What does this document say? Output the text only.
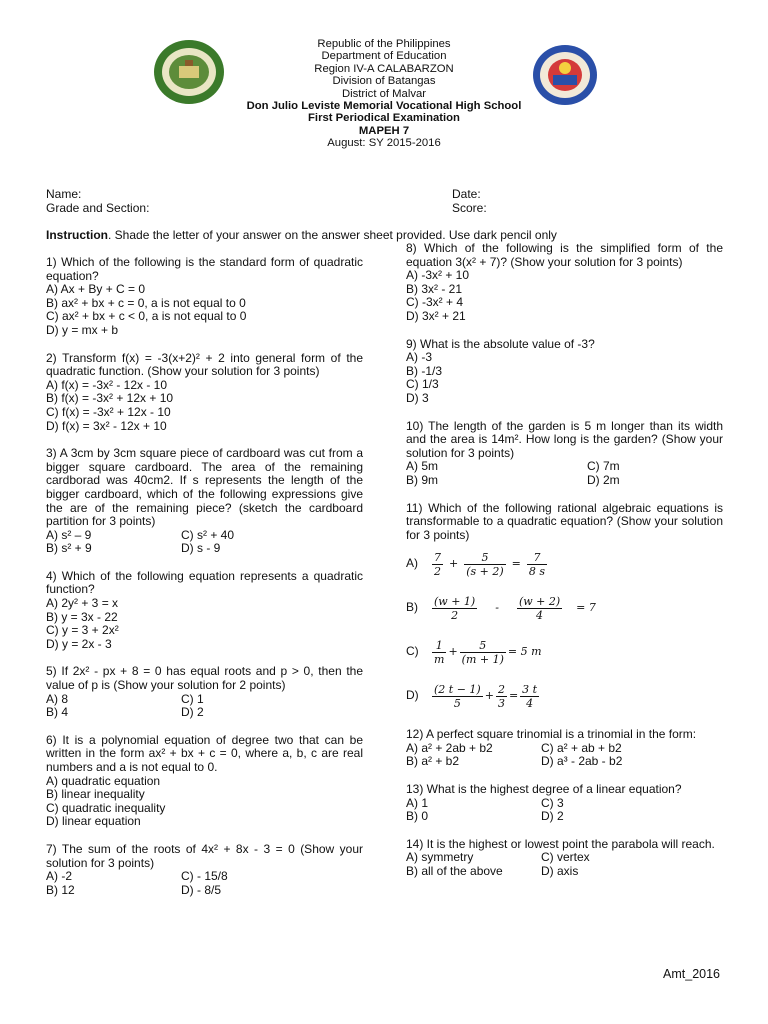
Republic of the Philippines
Department of Education
Region IV-A CALABARZON
Division of Batangas
District of Malvar
Don Julio Leviste Memorial Vocational High School
First Periodical Examination
MAPEH 7
August: SY 2015-2016
Name:
Grade and Section:
Date:
Score:
Instruction. Shade the letter of your answer on the answer sheet provided. Use dark pencil only
1) Which of the following is the standard form of quadratic equation?
A) Ax + By + C = 0
B) ax² + bx + c = 0, a is not equal to 0
C) ax² + bx + c < 0, a is not equal to 0
D) y = mx + b
2) Transform f(x) = -3(x+2)² + 2 into general form of the quadratic function. (Show your solution for 3 points)
A) f(x) = -3x² - 12x - 10
B) f(x) = -3x² + 12x + 10
C) f(x) = -3x² + 12x - 10
D) f(x) = 3x² - 12x + 10
3) A 3cm by 3cm square piece of cardboard was cut from a bigger square cardboard. The area of the remaining cardborad was 40cm2. If s represents the length of the bigger cardboard, which of the following expressions give the are of the remaining piece? (sketch the cardboard partition for 3 points)
A) s² – 9	C) s² + 40
B) s² + 9	D) s - 9
4) Which of the following equation represents a quadratic function?
A) 2y² + 3 = x
B) y = 3x - 22
C) y = 3 + 2x²
D) y = 2x - 3
5) If 2x² - px + 8 = 0 has equal roots and p > 0, then the value of p is (Show your solution for 2 points)
A) 8	C) 1
B) 4	D) 2
6) It is a polynomial equation of degree two that can be written in the form ax² + bx + c = 0, where a, b, c are real numbers and a is not equal to 0.
A) quadratic equation
B) linear inequality
C) quadratic inequality
D) linear equation
7) The sum of the roots of 4x² + 8x - 3 = 0 (Show your solution for 3 points)
A) -2	C) - 15/8
B) 12	D) - 8/5
8) Which of the following is the simplified form of the equation 3(x² + 7)? (Show your solution for 3 points)
A) -3x² + 10
B) 3x² - 21
C) -3x² + 4
D) 3x² + 21
9) What is the absolute value of -3?
A) -3
B) -1/3
C) 1/3
D) 3
10) The length of the garden is 5 m longer than its width and the area is 14m². How long is the garden? (Show your solution for 3 points)
A) 5m	C) 7m
B) 9m	D) 2m
11) Which of the following rational algebraic equations is transformable to a quadratic equation? (Show your solution for 3 points)
A)	$\frac{7}{2} + \frac{5}{(s + 2)} = \frac{7}{8 s}$
B)	$\frac{(w + 1)}{2} - \frac{(w + 2)}{4} = 7$
C)	$\frac{1}{m} + \frac{5}{(m + 1)} = 5$ m
D)	$\frac{(2 t - 1)}{5} + \frac{2}{3} = \frac{3 t}{4}$
12) A perfect square trinomial is a trinomial in the form:
A) a² + 2ab + b2	C) a² + ab + b2
B) a² + b2	D) a³ - 2ab - b2
13) What is the highest degree of a linear equation?
A) 1	C) 3
B) 0	D) 2
14) It is the highest or lowest point the parabola will reach.
A) symmetry	C) vertex
B) all of the above	D) axis
Amt_2016
